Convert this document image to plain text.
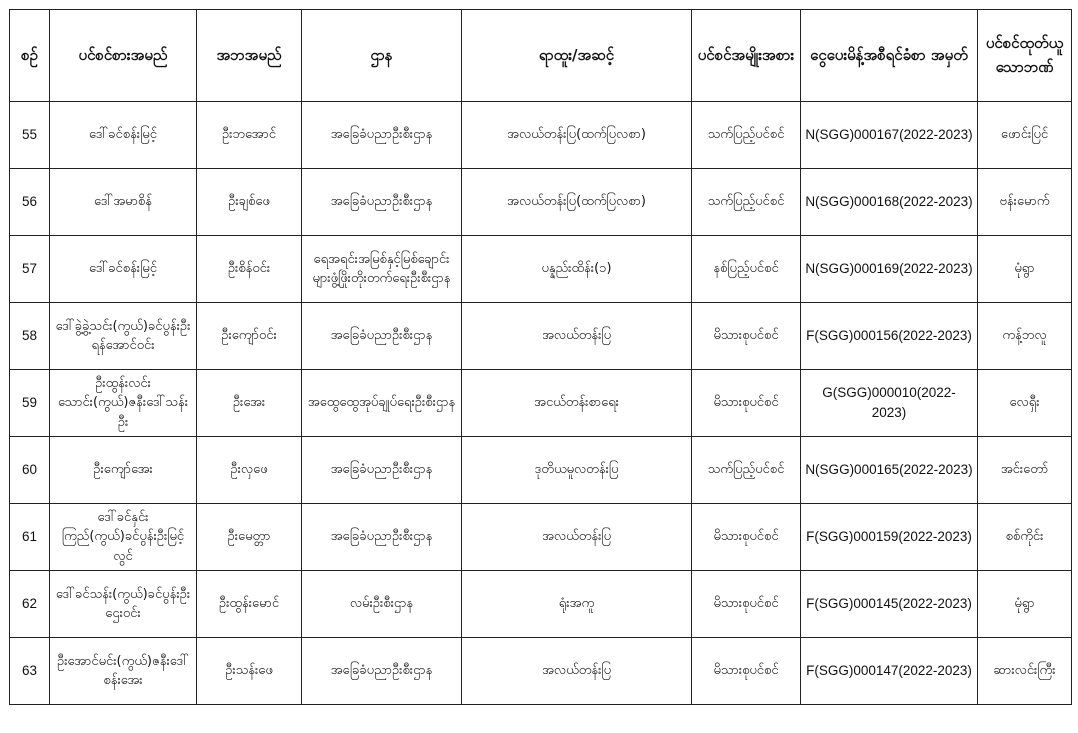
စဉ်	ပင်စင်စားအမည်	အဘအမည်	ဌာန	ရာထူး/အဆင့်	ပင်စင်အမျိုးအစား	ငွေပေးမိန့်အစီရင်ခံစာ အမှတ်	ပင်စင်ထုတ်ယူသောဘဏ်
55	ဒေါ်ခင်စန်းမြင့်	ဦးဘအောင်	အခြေခံပညာဦးစီးဌာန	အလယ်တန်းပြ(ထက်ပြလစာ)	သက်ပြည့်ပင်စင်	N(SGG)000167(2022-2023)	ဖောင်းပြင်
56	ဒေါ်အမာစိန်	ဦးချစ်ဖေ	အခြေခံပညာဦးစီးဌာန	အလယ်တန်းပြ(ထက်ပြလစာ)	သက်ပြည့်ပင်စင်	N(SGG)000168(2022-2023)	ဗန်းမောက်
57	ဒေါ်ခင်စန်းမြင့်	ဦးစိန်ဝင်း	ရေအရင်းအမြစ်နှင့်မြစ်ချောင်းများဖွံ့ဖြိုးတိုးတက်ရေးဦးစီးဌာန	ပန္နည်းထိန်း(၁)	နစ်ပြည့်ပင်စင်	N(SGG)000169(2022-2023)	မုံရွာ
58	ဒေါ်ခွဲ့ခွဲ့သင်း(ကွယ်)ခင်ပွန်းဦးရန်အောင်ဝင်း	ဦးကျော်ဝင်း	အခြေခံပညာဦးစီးဌာန	အလယ်တန်းပြ	မိသားစုပင်စင်	F(SGG)000156(2022-2023)	ကန့်ဘလူ
59	ဦးထွန်းလင်းသောင်း(ကွယ်)ဇနီးဒေါ်သန်းဦး	ဦးအေး	အထွေထွေအုပ်ချုပ်ရေးဦးစီးဌာန	အငယ်တန်းစာရေး	မိသားစုပင်စင်	G(SGG)000010(2022-2023)	လေရှီး
60	ဦးကျော်အေး	ဦးလှဖေ	အခြေခံပညာဦးစီးဌာန	ဒုတိယမူလတန်းပြ	သက်ပြည့်ပင်စင်	N(SGG)000165(2022-2023)	အင်းတော်
61	ဒေါ်ခင်နှင်းကြည်(ကွယ်)ခင်ပွန်းဦးမြင့်လွင်	ဦးမေတ္တာ	အခြေခံပညာဦးစီးဌာန	အလယ်တန်းပြ	မိသားစုပင်စင်	F(SGG)000159(2022-2023)	စစ်ကိုင်း
62	ဒေါ်ခင်သန်း(ကွယ်)ခင်ပွန်းဦးဌေးဝင်း	ဦးထွန်းမောင်	လမ်းဦးစီးဌာန	ရုံးအကူ	မိသားစုပင်စင်	F(SGG)000145(2022-2023)	မုံရွာ
63	ဦးအောင်မင်း(ကွယ်)ဇနီးဒေါ်စန်းအေး	ဦးသန်းဖေ	အခြေခံပညာဦးစီးဌာန	အလယ်တန်းပြ	မိသားစုပင်စင်	F(SGG)000147(2022-2023)	ဆားလင်းကြီး
